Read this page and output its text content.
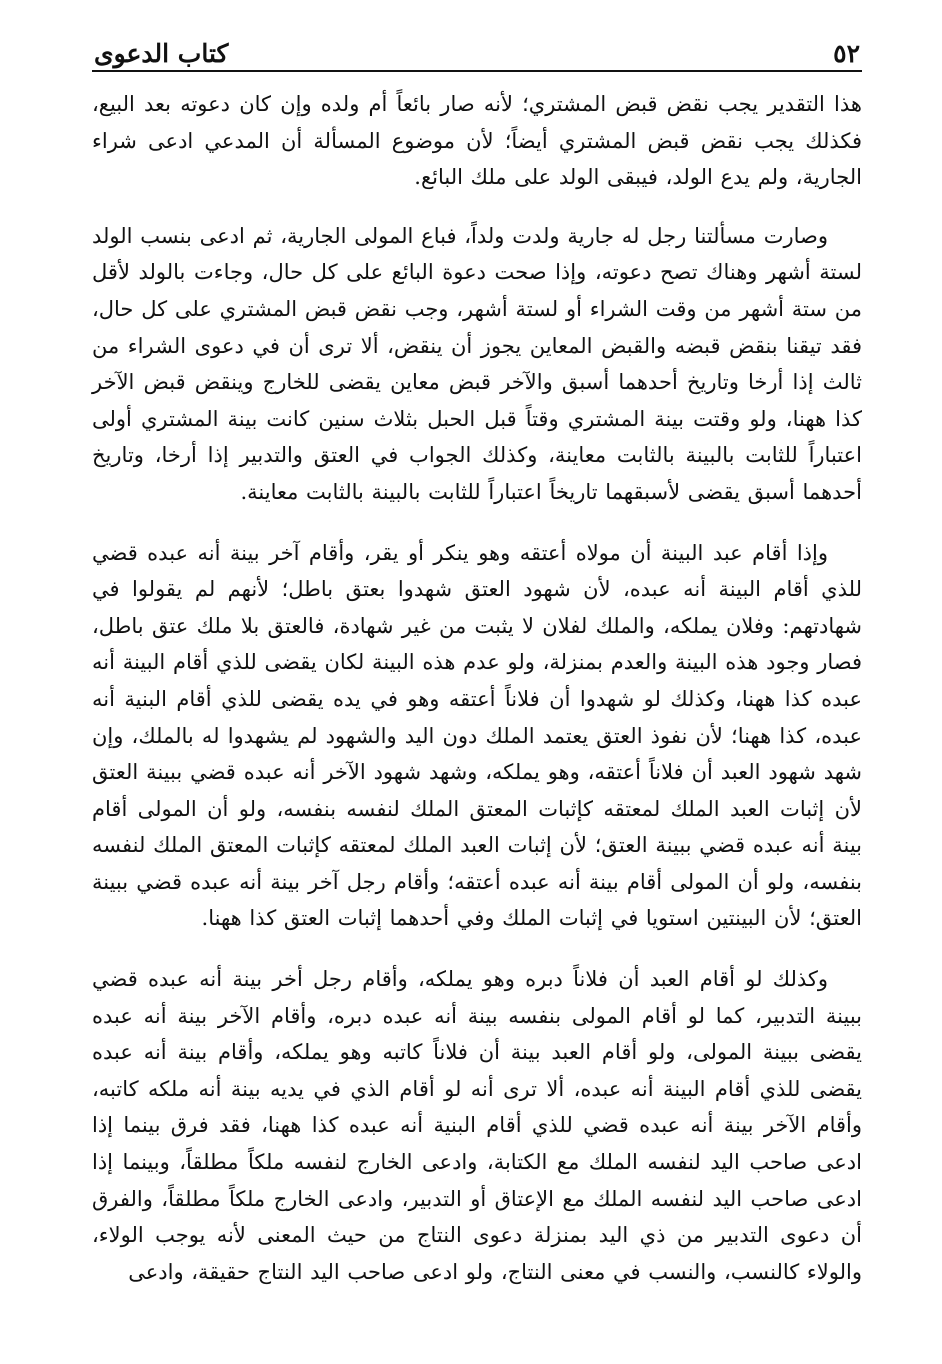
٥٢
كتاب الدعوى

هذا التقدير يجب نقض قبض المشتري؛ لأنه صار بائعاً أم ولده وإن كان دعوته بعد البيع، فكذلك يجب نقض قبض المشتري أيضاً؛ لأن موضوع المسألة أن المدعي ادعى شراء الجارية، ولم يدع الولد، فيبقى الولد على ملك البائع.

وصارت مسألتنا رجل له جارية ولدت ولداً، فباع المولى الجارية، ثم ادعى بنسب الولد لستة أشهر وهناك تصح دعوته، وإذا صحت دعوة البائع على كل حال، وجاءت بالولد لأقل من ستة أشهر من وقت الشراء أو لستة أشهر، وجب نقض قبض المشتري على كل حال، فقد تيقنا بنقض قبضه والقبض المعاين يجوز أن ينقض، ألا ترى أن في دعوى الشراء من ثالث إذا أرخا وتاريخ أحدهما أسبق والآخر قبض معاين يقضى للخارج وينقض قبض الآخر كذا ههنا، ولو وقتت بينة المشتري وقتاً قبل الحبل بثلاث سنين كانت بينة المشتري أولى اعتباراً للثابت بالبينة بالثابت معاينة، وكذلك الجواب في العتق والتدبير إذا أرخا، وتاريخ أحدهما أسبق يقضى لأسبقهما تاريخاً اعتباراً للثابت بالبينة بالثابت معاينة.

وإذا أقام عبد البينة أن مولاه أعتقه وهو ينكر أو يقر، وأقام آخر بينة أنه عبده قضي للذي أقام البينة أنه عبده، لأن شهود العتق شهدوا بعتق باطل؛ لأنهم لم يقولوا في شهادتهم: وفلان يملكه، والملك لفلان لا يثبت من غير شهادة، فالعتق بلا ملك عتق باطل، فصار وجود هذه البينة والعدم بمنزلة، ولو عدم هذه البينة لكان يقضى للذي أقام البينة أنه عبده كذا ههنا، وكذلك لو شهدوا أن فلاناً أعتقه وهو في يده يقضى للذي أقام البنية أنه عبده، كذا ههنا؛ لأن نفوذ العتق يعتمد الملك دون اليد والشهود لم يشهدوا له بالملك، وإن شهد شهود العبد أن فلاناً أعتقه، وهو يملكه، وشهد شهود الآخر أنه عبده قضي ببينة العتق لأن إثبات العبد الملك لمعتقه كإثبات المعتق الملك لنفسه بنفسه، ولو أن المولى أقام بينة أنه عبده قضي ببينة العتق؛ لأن إثبات العبد الملك لمعتقه كإثبات المعتق الملك لنفسه بنفسه، ولو أن المولى أقام بينة أنه عبده أعتقه؛ وأقام رجل آخر بينة أنه عبده قضي ببينة العتق؛ لأن البينتين استويا في إثبات الملك وفي أحدهما إثبات العتق كذا ههنا.

وكذلك لو أقام العبد أن فلاناً دبره وهو يملكه، وأقام رجل أخر بينة أنه عبده قضي ببينة التدبير، كما لو أقام المولى بنفسه بينة أنه عبده دبره، وأقام الآخر بينة أنه عبده يقضى ببينة المولى، ولو أقام العبد بينة أن فلاناً كاتبه وهو يملكه، وأقام بينة أنه عبده يقضى للذي أقام البينة أنه عبده، ألا ترى أنه لو أقام الذي في يديه بينة أنه ملكه كاتبه، وأقام الآخر بينة أنه عبده قضي للذي أقام البنية أنه عبده كذا ههنا، فقد فرق بينما إذا ادعى صاحب اليد لنفسه الملك مع الكتابة، وادعى الخارج لنفسه ملكاً مطلقاً، وبينما إذا ادعى صاحب اليد لنفسه الملك مع الإعتاق أو التدبير، وادعى الخارج ملكاً مطلقاً، والفرق أن دعوى التدبير من ذي اليد بمنزلة دعوى النتاج من حيث المعنى لأنه يوجب الولاء، والولاء كالنسب، والنسب في معنى النتاج، ولو ادعى صاحب اليد النتاج حقيقة، وادعى
